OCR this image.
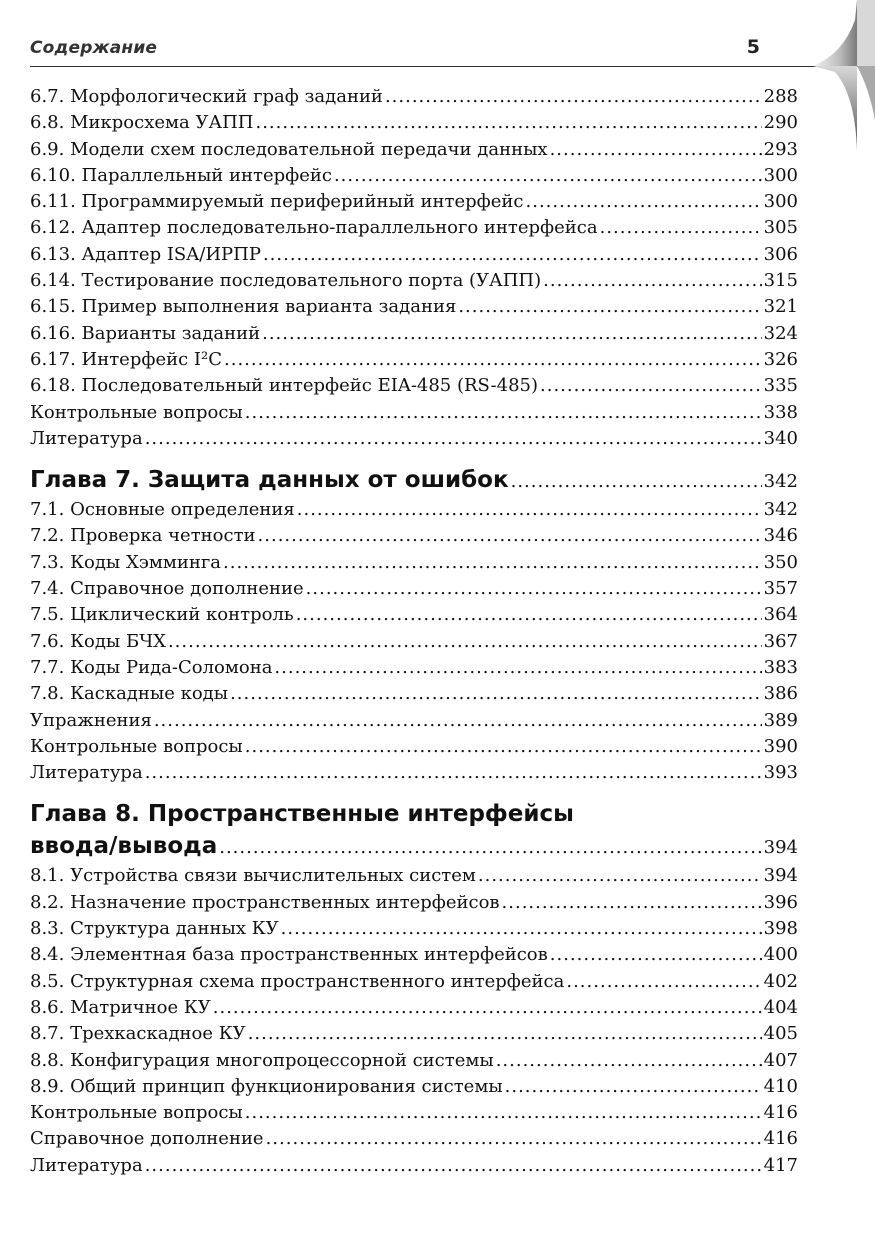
Содержание	5
6.7. Морфологический граф заданий .....	288
6.8. Микросхема УАПП .....	290
6.9. Модели схем последовательной передачи данных .....	293
6.10. Параллельный интерфейс .....	300
6.11. Программируемый периферийный интерфейс .....	300
6.12. Адаптер последовательно-параллельного интерфейса .....	305
6.13. Адаптер ISA/ИРПР .....	306
6.14. Тестирование последовательного порта (УАПП) .....	315
6.15. Пример выполнения варианта задания .....	321
6.16. Варианты заданий .....	324
6.17. Интерфейс I²C .....	326
6.18. Последовательный интерфейс EIA-485 (RS-485) .....	335
Контрольные вопросы .....	338
Литература .....	340
Глава 7. Защита данных от ошибок .....	342
7.1. Основные определения .....	342
7.2. Проверка четности .....	346
7.3. Коды Хэмминга .....	350
7.4. Справочное дополнение .....	357
7.5. Циклический контроль .....	364
7.6. Коды БЧХ .....	367
7.7. Коды Рида-Соломона .....	383
7.8. Каскадные коды .....	386
Упражнения .....	389
Контрольные вопросы .....	390
Литература .....	393
Глава 8. Пространственные интерфейсы
ввода/вывода .....	394
8.1. Устройства связи вычислительных систем .....	394
8.2. Назначение пространственных интерфейсов .....	396
8.3. Структура данных КУ .....	398
8.4. Элементная база пространственных интерфейсов .....	400
8.5. Структурная схема пространственного интерфейса .....	402
8.6. Матричное КУ .....	404
8.7. Трехкаскадное КУ .....	405
8.8. Конфигурация многопроцессорной системы .....	407
8.9. Общий принцип функционирования системы .....	410
Контрольные вопросы .....	416
Справочное дополнение .....	416
Литература .....	417
